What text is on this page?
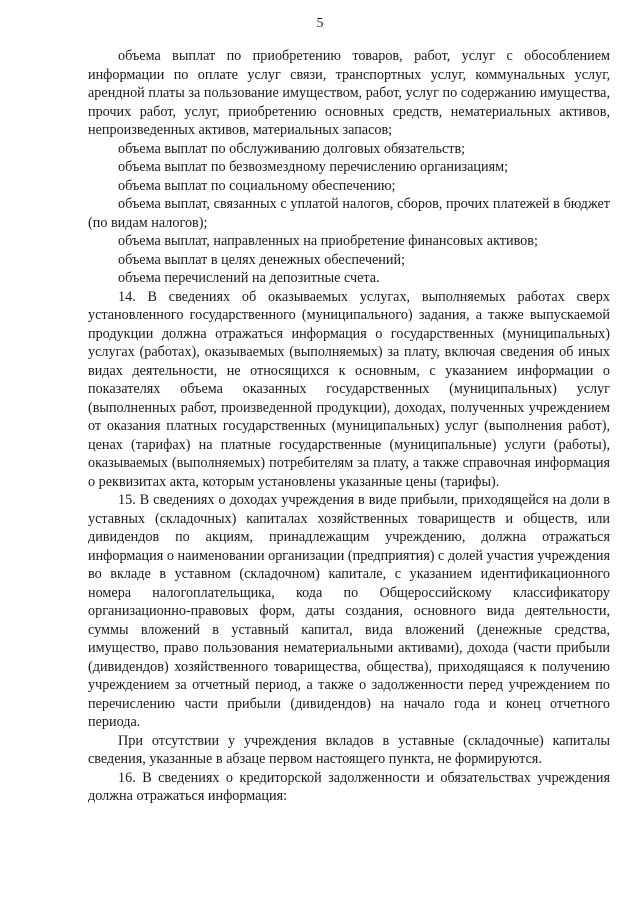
5

объема выплат по приобретению товаров, работ, услуг с обособлением информации по оплате услуг связи, транспортных услуг, коммунальных услуг, арендной платы за пользование имуществом, работ, услуг по содержанию имущества, прочих работ, услуг, приобретению основных средств, нематериальных активов, непроизведенных активов, материальных запасов;

объема выплат по обслуживанию долговых обязательств;

объема выплат по безвозмездному перечислению организациям;

объема выплат по социальному обеспечению;

объема выплат, связанных с уплатой налогов, сборов, прочих платежей в бюджет (по видам налогов);

объема выплат, направленных на приобретение финансовых активов;

объема выплат в целях денежных обеспечений;

объема перечислений на депозитные счета.

14. В сведениях об оказываемых услугах, выполняемых работах сверх установленного государственного (муниципального) задания, а также выпускаемой продукции должна отражаться информация о государственных (муниципальных) услугах (работах), оказываемых (выполняемых) за плату, включая сведения об иных видах деятельности, не относящихся к основным, с указанием информации о показателях объема оказанных государственных (муниципальных) услуг (выполненных работ, произведенной продукции), доходах, полученных учреждением от оказания платных государственных (муниципальных) услуг (выполнения работ), ценах (тарифах) на платные государственные (муниципальные) услуги (работы), оказываемых (выполняемых) потребителям за плату, а также справочная информация о реквизитах акта, которым установлены указанные цены (тарифы).

15. В сведениях о доходах учреждения в виде прибыли, приходящейся на доли в уставных (складочных) капиталах хозяйственных товариществ и обществ, или дивидендов по акциям, принадлежащим учреждению, должна отражаться информация о наименовании организации (предприятия) с долей участия учреждения во вкладе в уставном (складочном) капитале, с указанием идентификационного номера налогоплательщика, кода по Общероссийскому классификатору организационно-правовых форм, даты создания, основного вида деятельности, суммы вложений в уставный капитал, вида вложений (денежные средства, имущество, право пользования нематериальными активами), дохода (части прибыли (дивидендов) хозяйственного товарищества, общества), приходящаяся к получению учреждением за отчетный период, а также о задолженности перед учреждением по перечислению части прибыли (дивидендов) на начало года и конец отчетного периода.

При отсутствии у учреждения вкладов в уставные (складочные) капиталы сведения, указанные в абзаце первом настоящего пункта, не формируются.

16. В сведениях о кредиторской задолженности и обязательствах учреждения должна отражаться информация:
